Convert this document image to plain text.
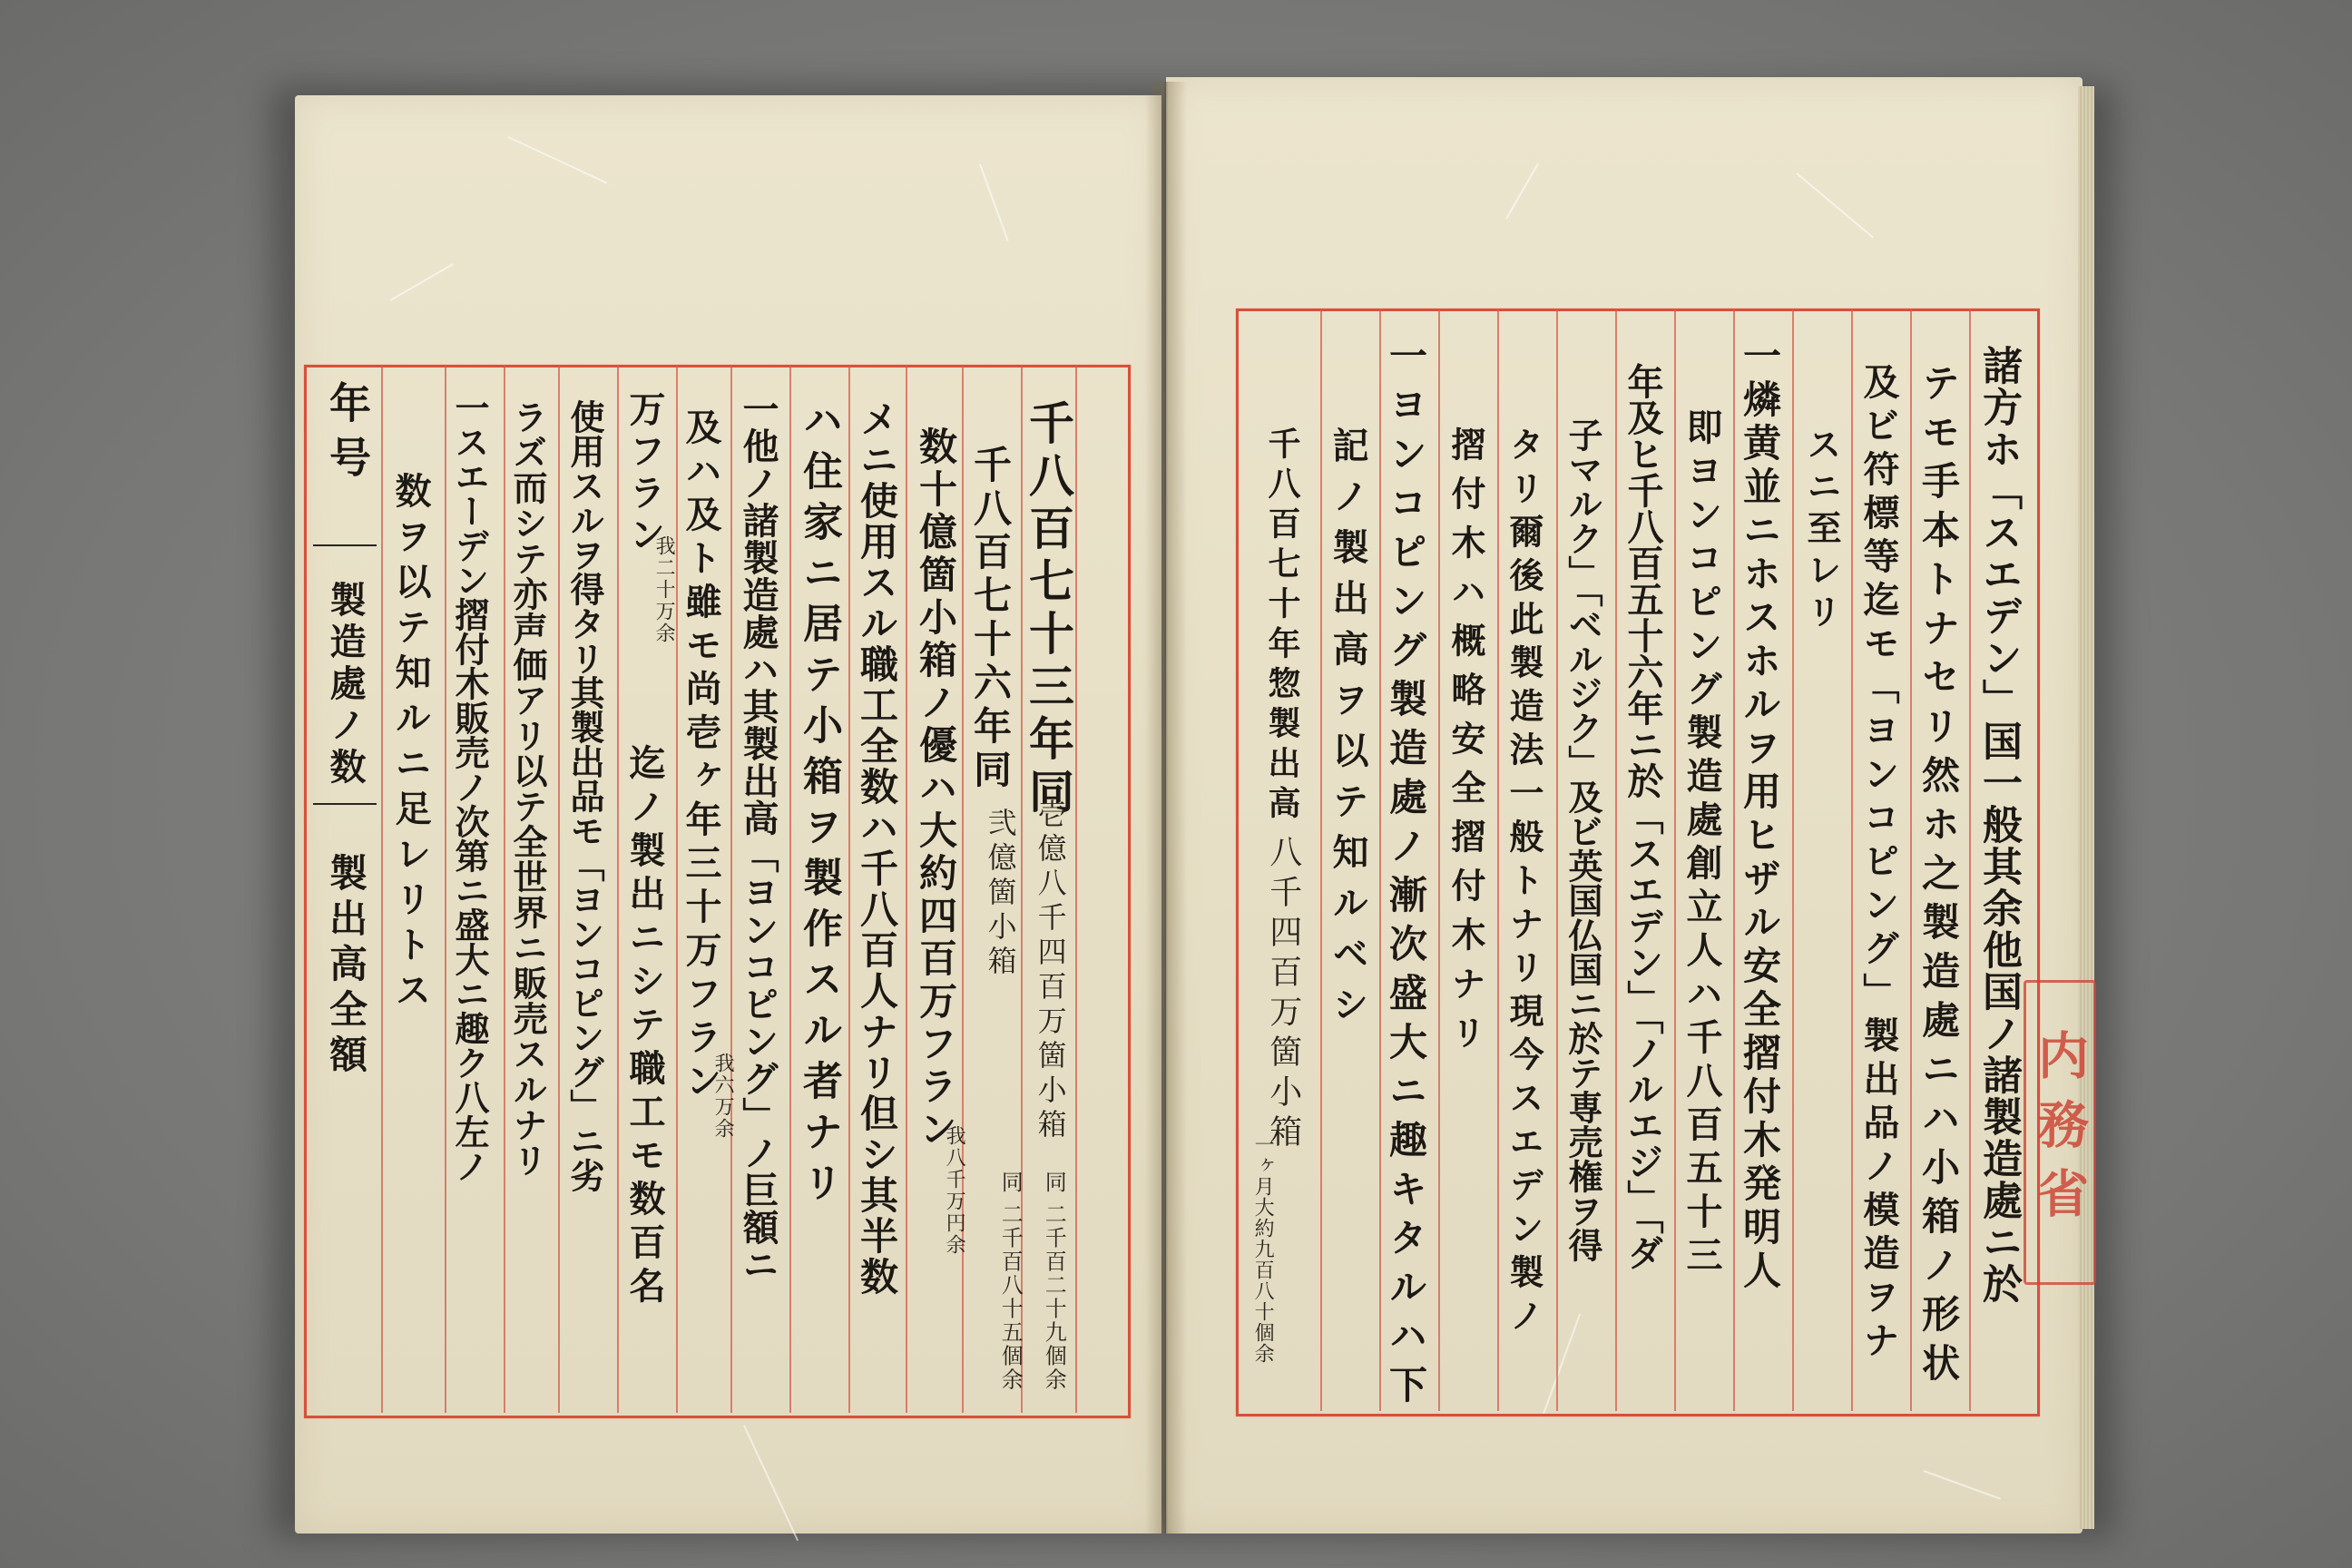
千八百七十三年同
千八百七十六年同
数十億箇小箱ノ優ハ大約四百万フラン
メニ使用スル職工全数ハ千八百人ナリ但シ其半数
ハ住家ニ居テ小箱ヲ製作スル者ナリ
一他ノ諸製造處ハ其製出高「ヨンコピング」ノ巨額ニ
及ハ及ト雖モ尚壱ヶ年三十万フラン
迄ノ製出ニシテ職工モ数百名
万フラン
使用スルヲ得タリ其製出品モ「ヨンコピング」ニ劣
ラズ而シテ亦声価アリ以テ全世界ニ販売スルナリ
一スエーデン摺付木販売ノ次第ニ盛大ニ趣ク八左ノ
数ヲ以テ知ルニ足レリトス	壱億八千四百万箇小箱
弐億箇小箱
同 二千百二十九個余
同 二千百八十五個余
我八千万円余
我六万余
我二十万余
年号
製造處ノ数
製出高全額	諸方ホ「スエデン」国一般其余他国ノ諸製造處ニ於
テモ手本トナセリ然ホ之製造處ニハ小箱ノ形状
及ビ符標等迄モ「ヨンコピング」製出品ノ模造ヲナ
スニ至レリ
一燐黄並ニホスホルヲ用ヒザル安全摺付木発明人
即ヨンコピング製造處創立人ハ千八百五十三
年及ヒ千八百五十六年ニ於「スエデン」「ノルエジ」「ダ
子マルク」「ベルジク」及ビ英国仏国ニ於テ専売権ヲ得
タリ爾後此製造法一般トナリ現今スエデン製ノ
摺付木ハ概略安全摺付木ナリ
一ヨンコピング製造處ノ漸次盛大ニ趣キタルハ下
記ノ製出高ヲ以テ知ルベシ
千八百七十年惣製出高
八千四百万箇小箱
一ヶ月大約九百八十個余
内務省
